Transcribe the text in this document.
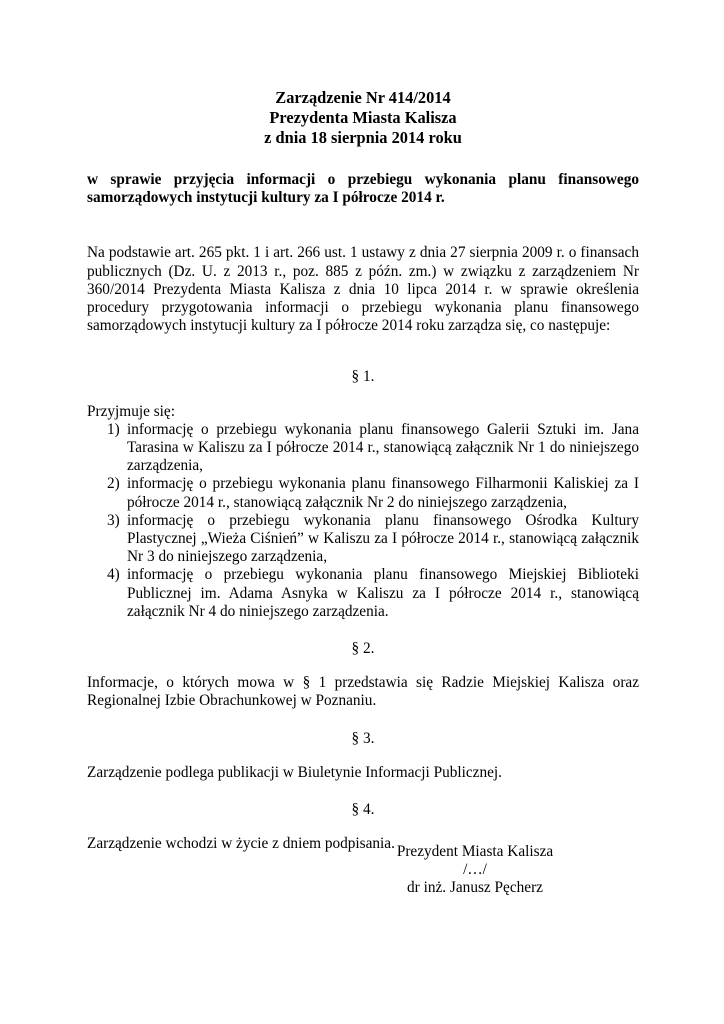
Zarządzenie Nr 414/2014
Prezydenta Miasta Kalisza
z dnia 18 sierpnia 2014 roku

w sprawie przyjęcia informacji o przebiegu wykonania planu finansowego samorządowych instytucji kultury za I półrocze 2014 r.

Na podstawie art. 265 pkt. 1 i art. 266 ust. 1 ustawy z dnia 27 sierpnia 2009 r. o finansach publicznych (Dz. U. z 2013 r., poz. 885 z późn. zm.) w związku z zarządzeniem Nr 360/2014 Prezydenta Miasta Kalisza z dnia 10 lipca 2014 r. w sprawie określenia procedury przygotowania informacji o przebiegu wykonania planu finansowego samorządowych instytucji kultury za I półrocze 2014 roku zarządza się, co następuje:

§ 1.
Przyjmuje się:
1) informację o przebiegu wykonania planu finansowego Galerii Sztuki im. Jana Tarasina w Kaliszu za I półrocze 2014 r., stanowiącą załącznik Nr 1 do niniejszego zarządzenia,
2) informację o przebiegu wykonania planu finansowego Filharmonii Kaliskiej za I półrocze 2014 r., stanowiącą załącznik Nr 2 do niniejszego zarządzenia,
3) informację o przebiegu wykonania planu finansowego Ośrodka Kultury Plastycznej „Wieża Ciśnień” w Kaliszu za I półrocze 2014 r., stanowiącą załącznik Nr 3 do niniejszego zarządzenia,
4) informację o przebiegu wykonania planu finansowego Miejskiej Biblioteki Publicznej im. Adama Asnyka w Kaliszu za I półrocze 2014 r., stanowiącą załącznik Nr 4 do niniejszego zarządzenia.
§ 2.

Informacje, o których mowa w § 1 przedstawia się Radzie Miejskiej Kalisza oraz Regionalnej Izbie Obrachunkowej w Poznaniu.

§ 3.

Zarządzenie podlega publikacji w Biuletynie Informacji Publicznej.

§ 4.

Zarządzenie wchodzi w życie z dniem podpisania. Prezydent Miasta Kalisza
/…/
dr inż. Janusz Pęcherz
